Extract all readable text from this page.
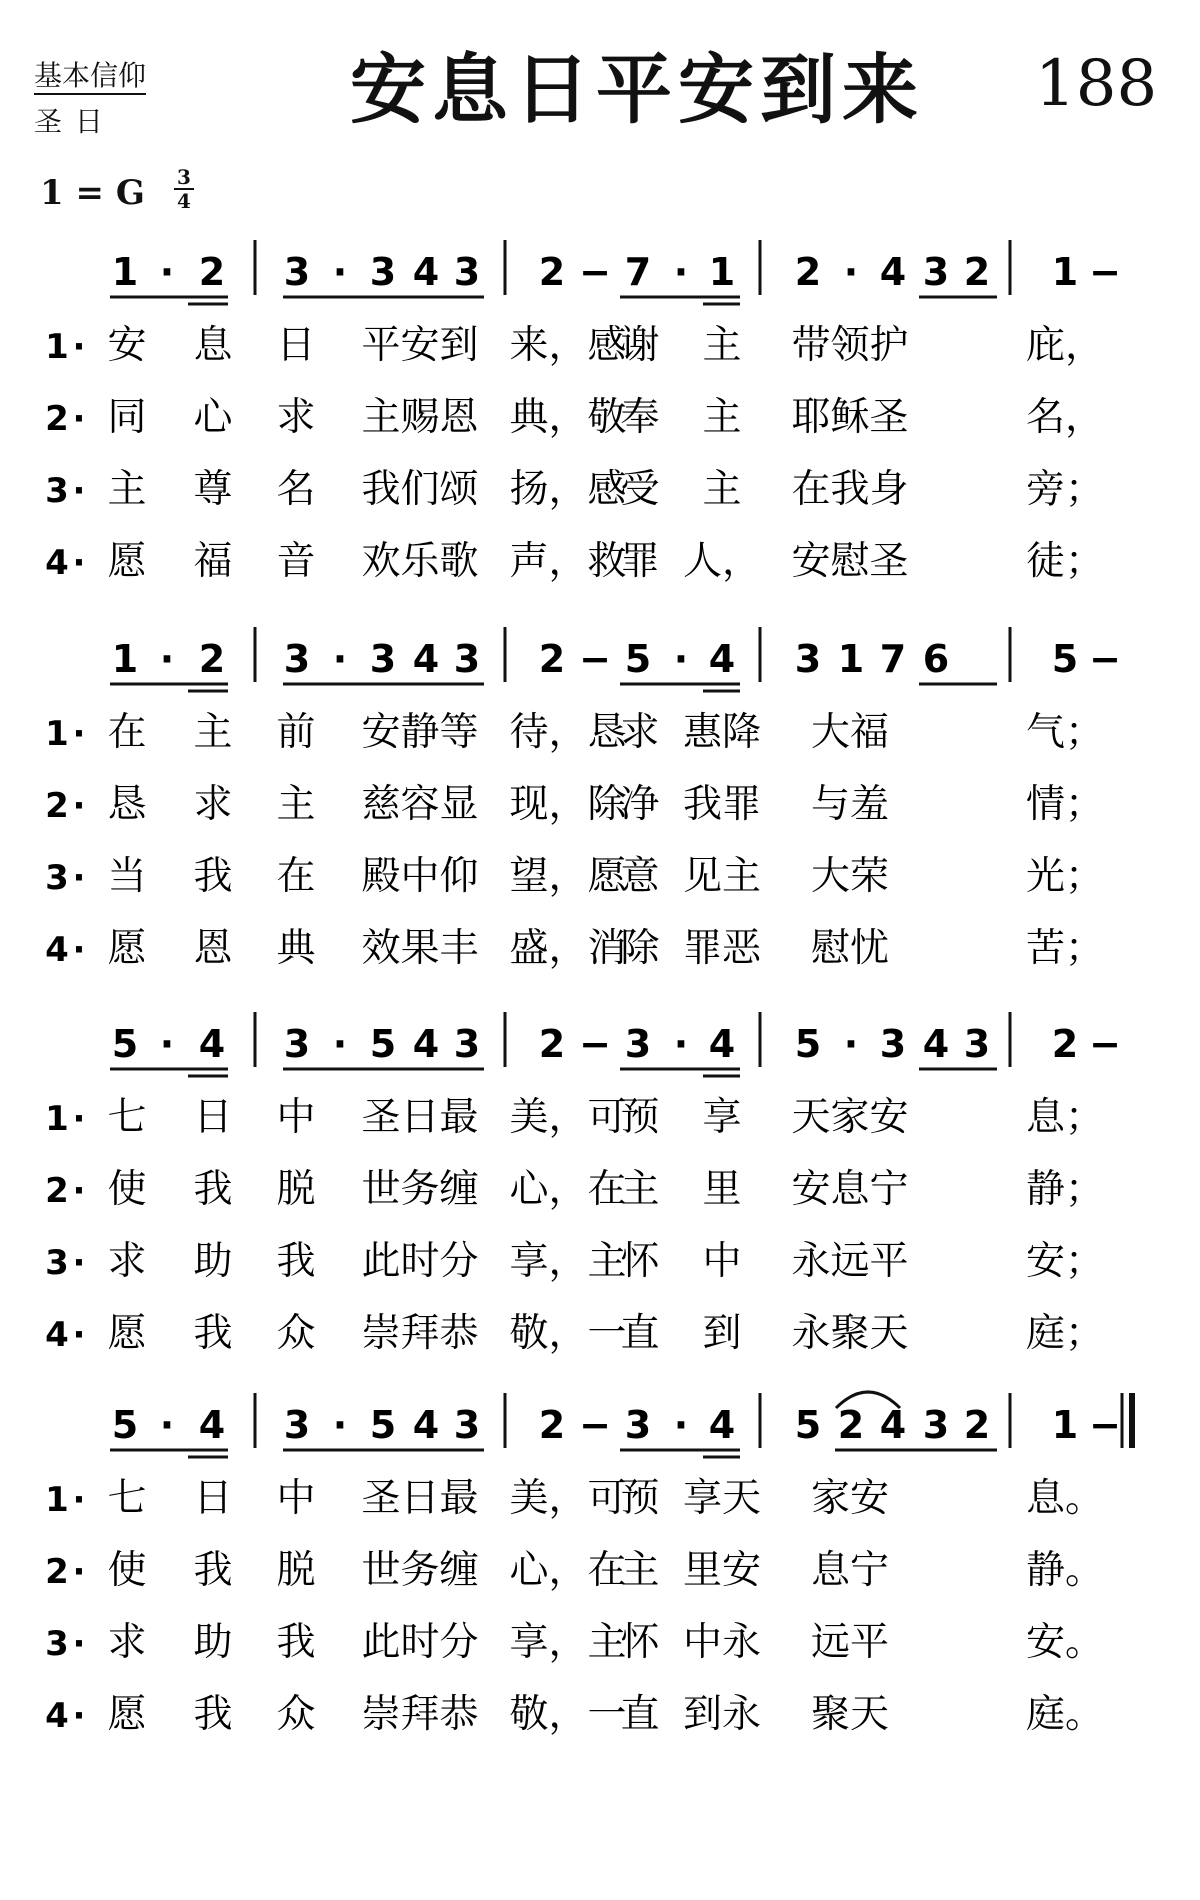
基本信仰
圣 日	安息日平安到来 188
1 = G 3
4
1 · 2 3 · 3 4 3 2 − 7 · 1 2 · 4 3 2 1 −
1 · 安 息 日 平安到 来，感
谢 主 带领护	庇，
2 · 同 心 求 主赐恩 典，敬
奉 主 耶稣圣	名，
3 · 主 尊 名 我们颂 扬，感
受 主 在我身	旁；
4 · 愿 福 音 欢乐歌 声，救
罪 人， 安慰圣	徒；
1 · 2 3 · 3 4 3 2 − 5 · 4 3 1 7 6	5 −
1 · 在 主 前 安静等 待，恳
求 惠降 大福	气；
2 · 恳 求 主 慈容显 现，除
净 我罪 与羞	情；
3 · 当 我 在 殿中仰 望，愿
意 见主 大荣	光；
4 · 愿 恩 典 效果丰 盛，消
除 罪恶 慰忧	苦；
5 · 4 3 · 5 4 3 2 − 3 · 4 5 · 3 4 3 2 −
1 · 七 日 中 圣日最 美，可
预 享 天家安	息；
2 · 使 我 脱 世务缠 心，在
主 里 安息宁	静；
3 · 求 助 我 此时分 享，主
怀 中 永远平	安；
4 · 愿 我 众 崇拜恭 敬，一
直 到 永聚天	庭；
5 · 4 3 · 5 4 3 2 − 3 · 4 5 2 4 3 2 1 −
1 · 七 日 中 圣日最 美，可
预 享天 家安	息。
2 · 使 我 脱 世务缠 心，在
主 里安 息宁	静。
3 · 求 助 我 此时分 享，主
怀 中永 远平	安。
4 · 愿 我 众 崇拜恭 敬，一
直 到永 聚天	庭。
